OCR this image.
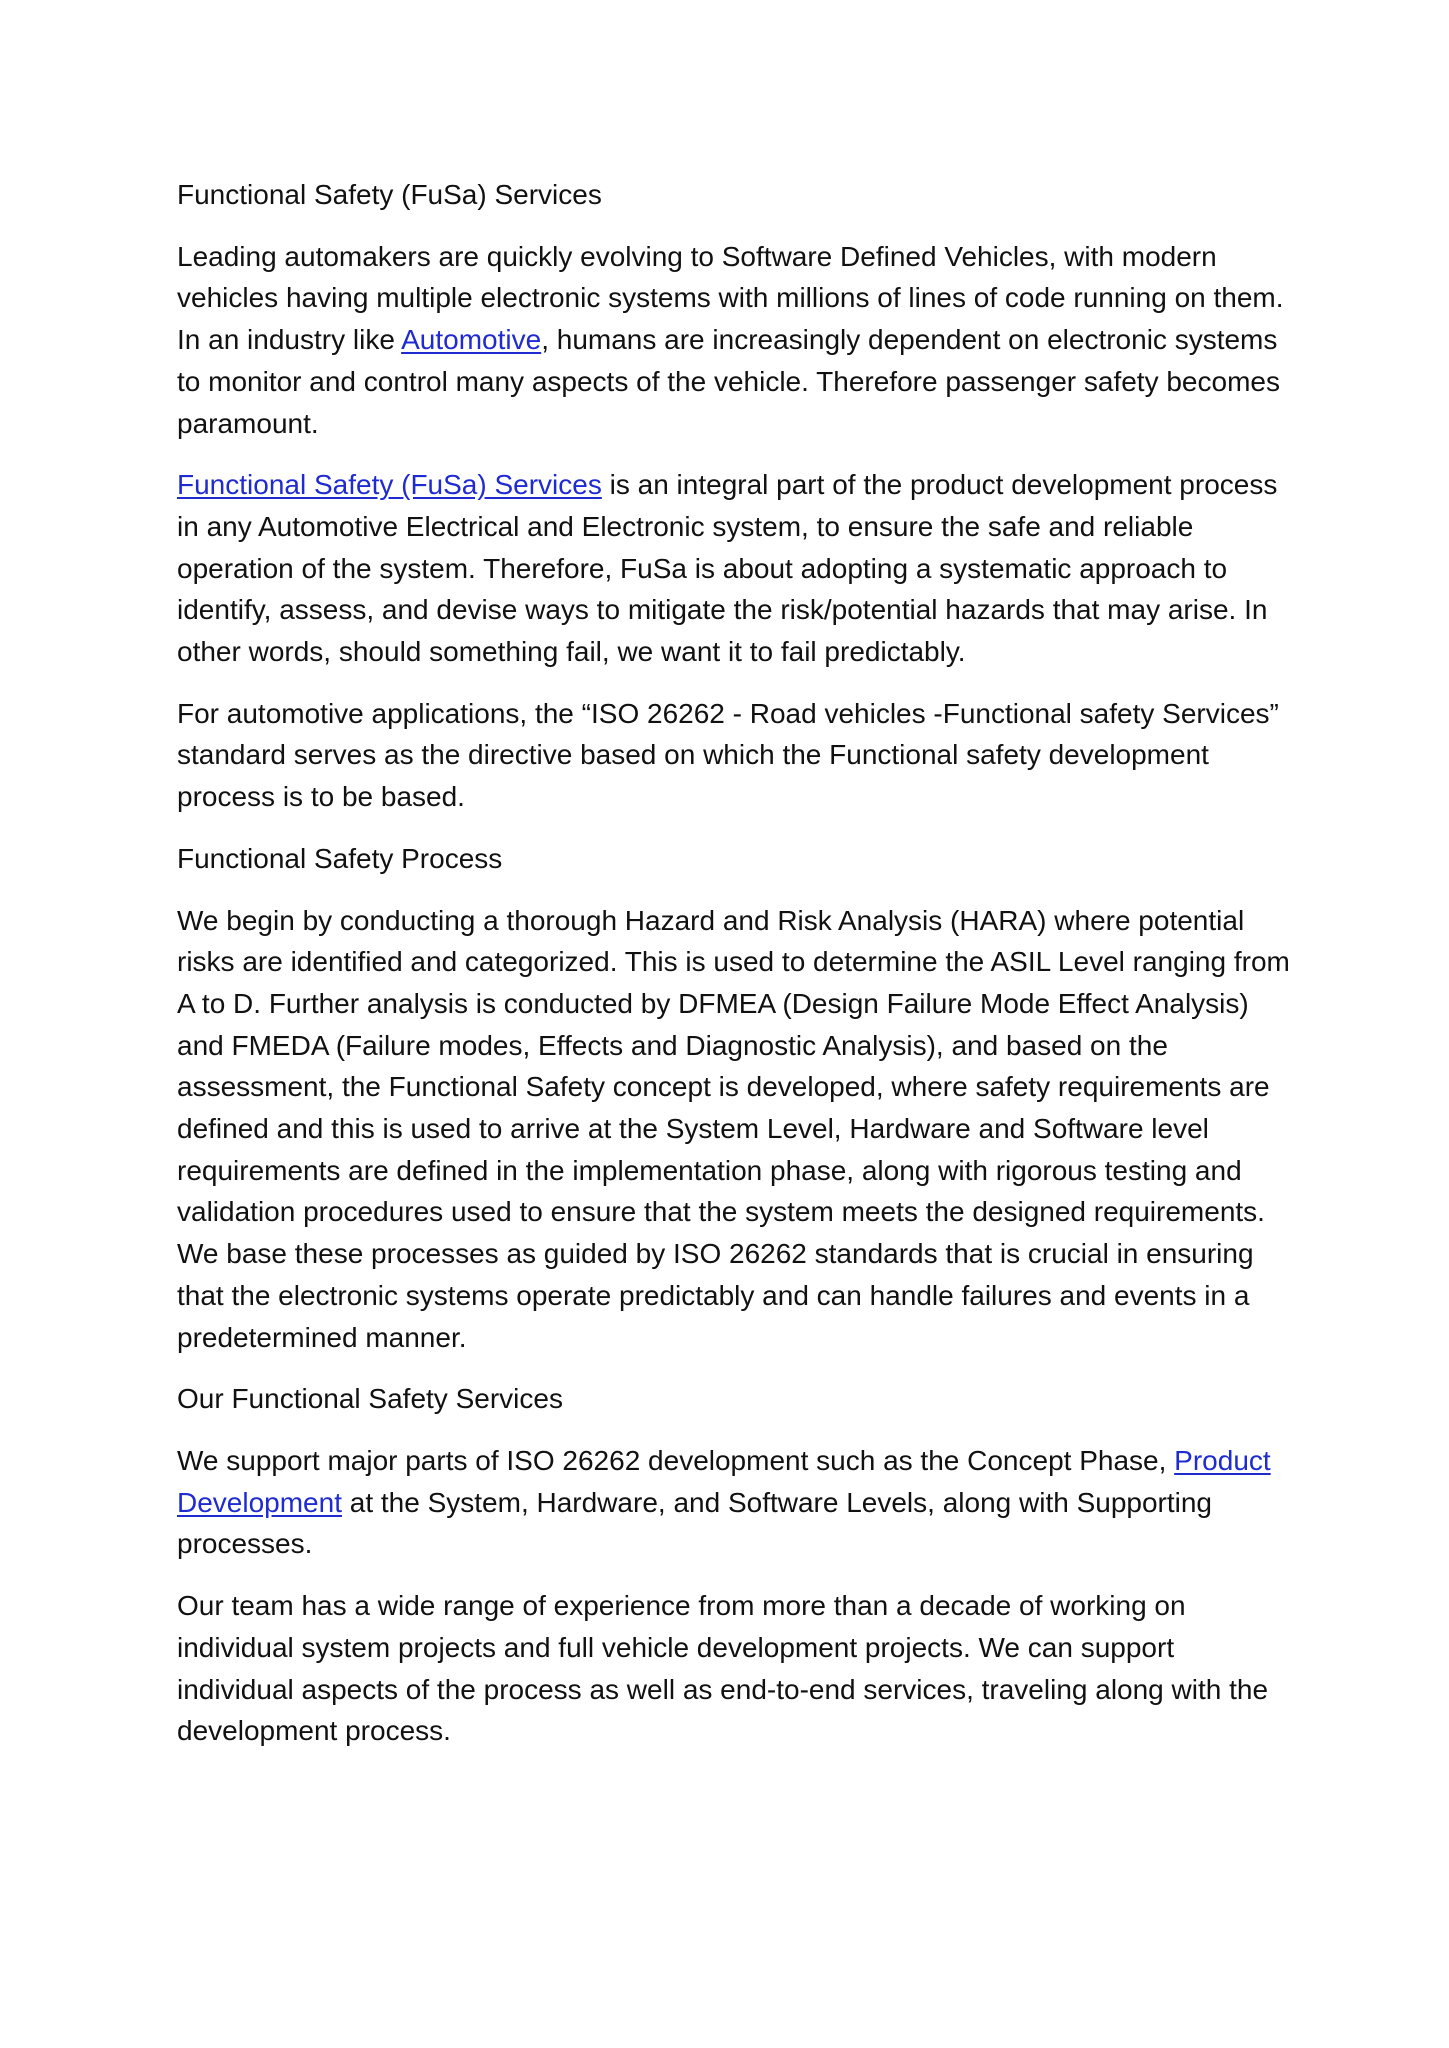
Functional Safety (FuSa) Services

Leading automakers are quickly evolving to Software Defined Vehicles, with modern vehicles having multiple electronic systems with millions of lines of code running on them. In an industry like Automotive, humans are increasingly dependent on electronic systems to monitor and control many aspects of the vehicle. Therefore passenger safety becomes paramount.

Functional Safety (FuSa) Services is an integral part of the product development process in any Automotive Electrical and Electronic system, to ensure the safe and reliable operation of the system. Therefore, FuSa is about adopting a systematic approach to identify, assess, and devise ways to mitigate the risk/potential hazards that may arise. In other words, should something fail, we want it to fail predictably.

For automotive applications, the “ISO 26262 - Road vehicles -Functional safety Services” standard serves as the directive based on which the Functional safety development process is to be based.

Functional Safety Process

We begin by conducting a thorough Hazard and Risk Analysis (HARA) where potential risks are identified and categorized. This is used to determine the ASIL Level ranging from A to D. Further analysis is conducted by DFMEA (Design Failure Mode Effect Analysis) and FMEDA (Failure modes, Effects and Diagnostic Analysis), and based on the assessment, the Functional Safety concept is developed, where safety requirements are defined and this is used to arrive at the System Level, Hardware and Software level requirements are defined in the implementation phase, along with rigorous testing and validation procedures used to ensure that the system meets the designed requirements. We base these processes as guided by ISO 26262 standards that is crucial in ensuring that the electronic systems operate predictably and can handle failures and events in a predetermined manner.

Our Functional Safety Services

We support major parts of ISO 26262 development such as the Concept Phase, Product Development at the System, Hardware, and Software Levels, along with Supporting processes.

Our team has a wide range of experience from more than a decade of working on individual system projects and full vehicle development projects. We can support individual aspects of the process as well as end-to-end services, traveling along with the development process.
